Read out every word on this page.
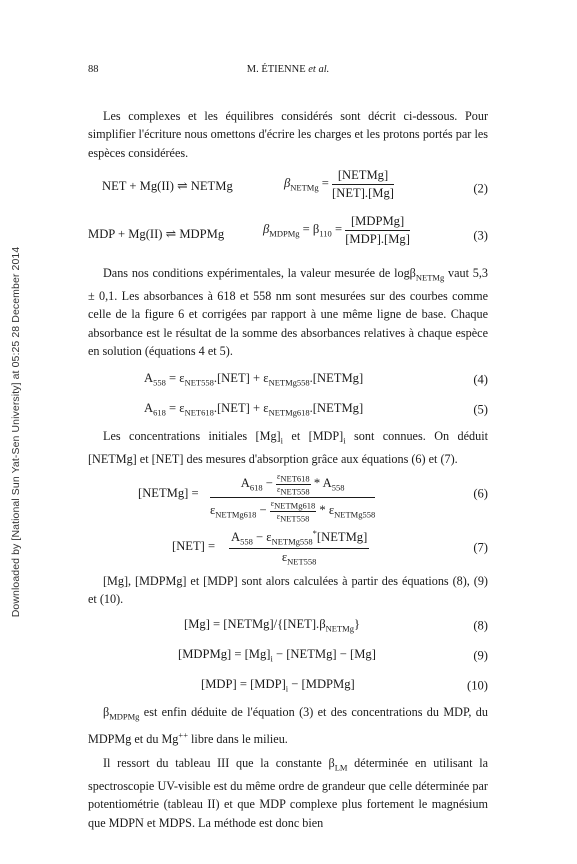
Downloaded by [National Sun Yat-Sen University] at 05:25 28 December 2014
88	M. ÉTIENNE et al.

Les complexes et les équilibres considérés sont décrit ci-dessous. Pour simplifier l'écriture nous omettons d'écrire les charges et les protons portés par les espèces considérées.

NET + Mg(II) ⇌ NETMg	$\beta_{NETMg} = \frac{\text{[NETMg]}}{\text{[NET].[Mg]}}$	(2)
MDP + Mg(II) ⇌ MDPMg	$\beta_{MDPMg} = \beta_{110} = \frac{\text{[MDPMg]}}{\text{[MDP].[Mg]}}$	(3)

Dans nos conditions expérimentales, la valeur mesurée de logβ$_{NETMg}$ vaut 5,3 ± 0,1. Les absorbances à 618 et 558 nm sont mesurées sur des courbes comme celle de la figure 6 et corrigées par rapport à une même ligne de base. Chaque absorbance est le résultat de la somme des absorbances relatives à chaque espèce en solution (équations 4 et 5).

$A_{558} = \varepsilon_{NET558}.[NET]$ + $\varepsilon_{NETMg558}.[NETMg]$	(4)
$A_{618} = \varepsilon_{NET618}.[NET]$ + $\varepsilon_{NETMg618}.[NETMg]$	(5)

Les concentrations initiales $[Mg]_i$ et $[MDP]_i$ sont connues. On déduit [NETMg] et [NET] des mesures d'absorption grâce aux équations (6) et (7).

[NETMg] =
$A_{618} - \varepsilon_{NET618}$
$\varepsilon_{NET558}$
* $A_{558}$
$\varepsilon_{NETMg618} - \varepsilon_{NETMg618}$
$\varepsilon_{NET558}$
* $\varepsilon_{NETMg558}$
(6)
[NET] =
$A_{558}$ − $\varepsilon_{NETMg558}^*[NETMg]$
$\varepsilon_{NET558}$
(7)

[Mg], [MDPMg] et [MDP] sont alors calculées à partir des équations (8), (9) et (10).

$[Mg] = [NETMg]/\{[NET].\beta_{NETMg}\}$	(8)
[MDPMg] = $[Mg]_i$ − [NETMg] − [Mg]	(9)
$[MDP] = [MDP]_i$ − [MDPMg]	(10)

$\beta_{MDPMg}$ est enfin déduite de l'équation (3) et des concentrations du MDP, du MDPMg et du Mg++ libre dans le milieu.

Il ressort du tableau III que la constante $\beta_{LM}$ déterminée en utilisant la spectroscopie UV-visible est du même ordre de grandeur que celle déterminée par potentiométrie (tableau II) et que MDP complexe plus fortement le magnésium que MDPN et MDPS. La méthode est donc bien
